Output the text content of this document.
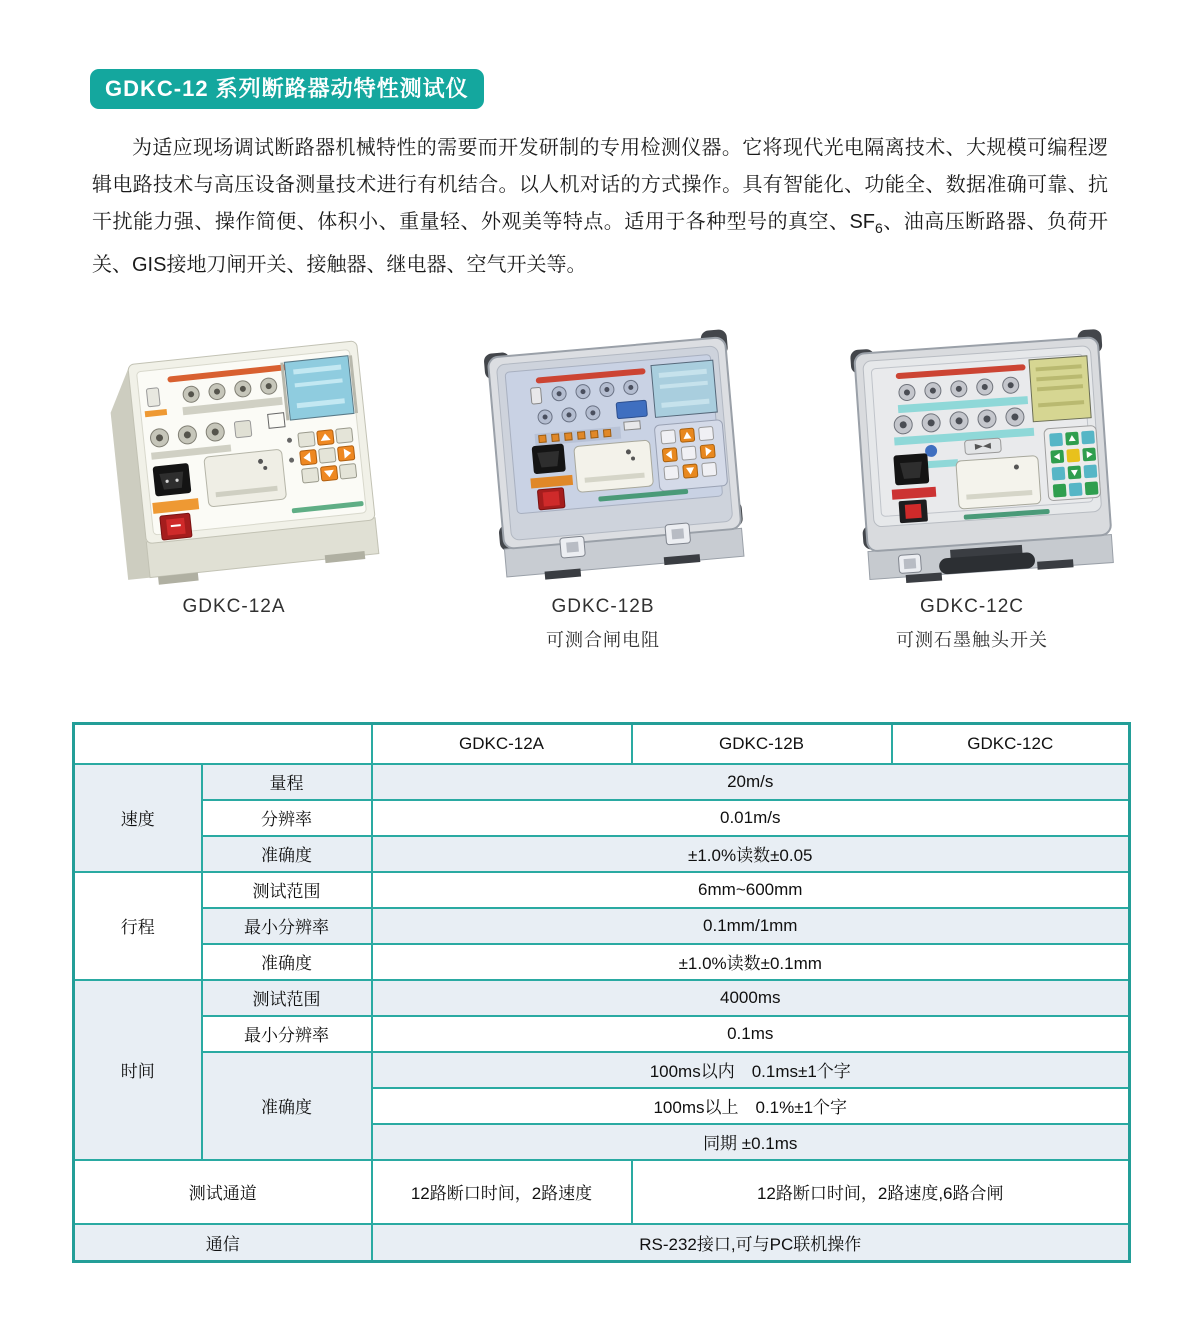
GDKC-12 系列断路器动特性测试仪

为适应现场调试断路器机械特性的需要而开发研制的专用检测仪器。它将现代光电隔离技术、大规模可编程逻辑电路技术与高压设备测量技术进行有机结合。以人机对话的方式操作。具有智能化、功能全、数据准确可靠、抗干扰能力强、操作简便、体积小、重量轻、外观美等特点。适用于各种型号的真空、$SF_6$、油高压断路器、负荷开关、GIS接地刀闸开关、接触器、继电器、空气开关等。

GDKC-12A	GDKC-12B
可测合闸电阻
GDKC-12C
可测石墨触头开关
		GDKC-12A	GDKC-12B	GDKC-12C
速度	量程	20m/s		
	分辨率	0.01m/s		
	准确度	±1.0%读数±0.05		
行程	测试范围	6mm~600mm		
	最小分辨率	0.1mm/1mm		
	准确度	±1.0%读数±0.1mm		
时间	测试范围	4000ms		
	最小分辨率	0.1ms		
	准确度	100ms以内　0.1ms±1个字		
		100ms以上　0.1%±1个字		
		同期 ±0.1ms		
测试通道		12路断口时间，2路速度	12路断口时间，2路速度,6路合闸	
通信		RS-232接口,可与PC联机操作		
